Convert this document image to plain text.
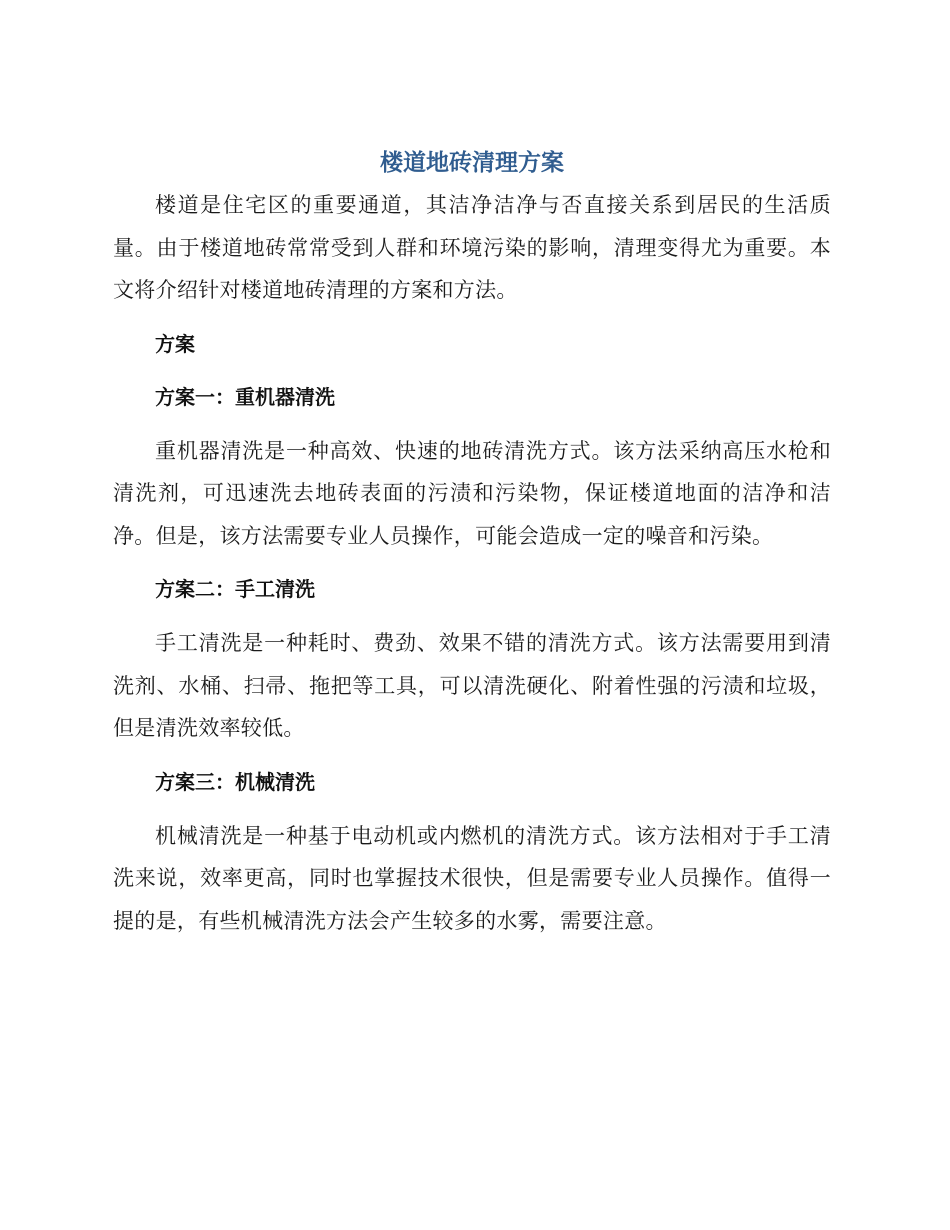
楼道地砖清理方案

楼道是住宅区的重要通道，其洁净洁净与否直接关系到居民的生活质量。由于楼道地砖常常受到人群和环境污染的影响，清理变得尤为重要。本文将介绍针对楼道地砖清理的方案和方法。

方案
方案一：重机器清洗

重机器清洗是一种高效、快速的地砖清洗方式。该方法采纳高压水枪和清洗剂，可迅速洗去地砖表面的污渍和污染物，保证楼道地面的洁净和洁净。但是，该方法需要专业人员操作，可能会造成一定的噪音和污染。

方案二：手工清洗

手工清洗是一种耗时、费劲、效果不错的清洗方式。该方法需要用到清洗剂、水桶、扫帚、拖把等工具，可以清洗硬化、附着性强的污渍和垃圾，但是清洗效率较低。

方案三：机械清洗

机械清洗是一种基于电动机或内燃机的清洗方式。该方法相对于手工清洗来说，效率更高，同时也掌握技术很快，但是需要专业人员操作。值得一提的是，有些机械清洗方法会产生较多的水雾，需要注意。
